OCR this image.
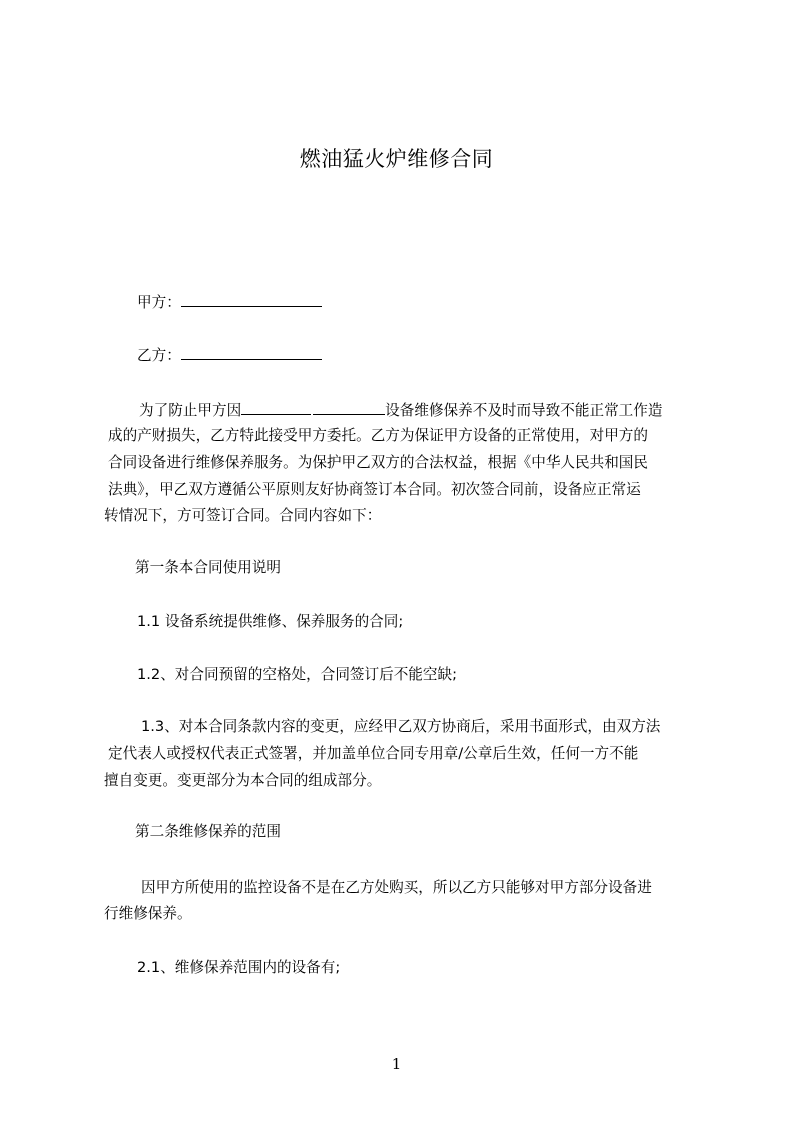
燃油猛火炉维修合同
甲方：
乙方：
为了防止甲方因	设备维修保养不及时而导致不能正常工作造
成的产财损失，乙方特此接受甲方委托。乙方为保证甲方设备的正常使用，对甲方的
合同设备进行维修保养服务。为保护甲乙双方的合法权益，根据《中华人民共和国民
法典》，甲乙双方遵循公平原则友好协商签订本合同。初次签合同前，设备应正常运
转情况下，方可签订合同。合同内容如下：
第一条本合同使用说明
1.1 设备系统提供维修、保养服务的合同;
1.2、对合同预留的空格处，合同签订后不能空缺;
1.3、对本合同条款内容的变更，应经甲乙双方协商后，采用书面形式，由双方法
定代表人或授权代表正式签署，并加盖单位合同专用章/公章后生效，任何一方不能
擅自变更。变更部分为本合同的组成部分。
第二条维修保养的范围
因甲方所使用的监控设备不是在乙方处购买，所以乙方只能够对甲方部分设备进
行维修保养。
2.1、维修保养范围内的设备有;
1
